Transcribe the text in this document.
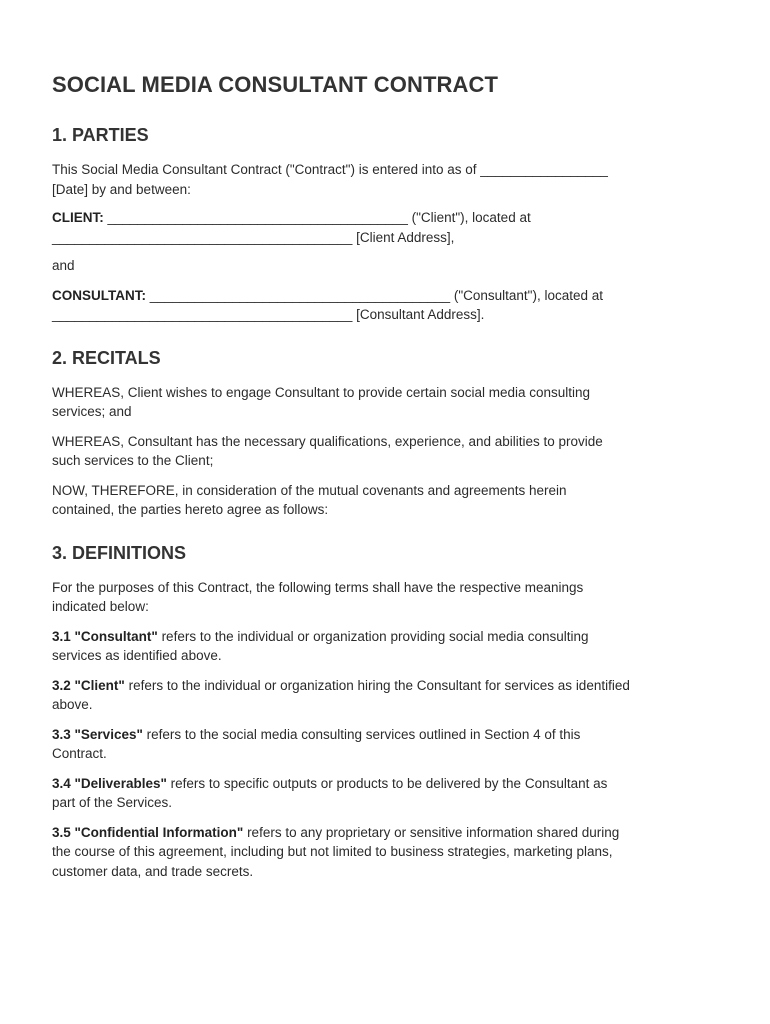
SOCIAL MEDIA CONSULTANT CONTRACT
1. PARTIES

This Social Media Consultant Contract ("Contract") is entered into as of _________________
[Date] by and between:

CLIENT: ________________________________________ ("Client"), located at
________________________________________ [Client Address],

and

CONSULTANT: ________________________________________ ("Consultant"), located at
________________________________________ [Consultant Address].

2. RECITALS

WHEREAS, Client wishes to engage Consultant to provide certain social media consulting
services; and

WHEREAS, Consultant has the necessary qualifications, experience, and abilities to provide
such services to the Client;

NOW, THEREFORE, in consideration of the mutual covenants and agreements herein
contained, the parties hereto agree as follows:

3. DEFINITIONS

For the purposes of this Contract, the following terms shall have the respective meanings
indicated below:

3.1 "Consultant" refers to the individual or organization providing social media consulting
services as identified above.

3.2 "Client" refers to the individual or organization hiring the Consultant for services as identified
above.

3.3 "Services" refers to the social media consulting services outlined in Section 4 of this
Contract.

3.4 "Deliverables" refers to specific outputs or products to be delivered by the Consultant as
part of the Services.

3.5 "Confidential Information" refers to any proprietary or sensitive information shared during
the course of this agreement, including but not limited to business strategies, marketing plans,
customer data, and trade secrets.
